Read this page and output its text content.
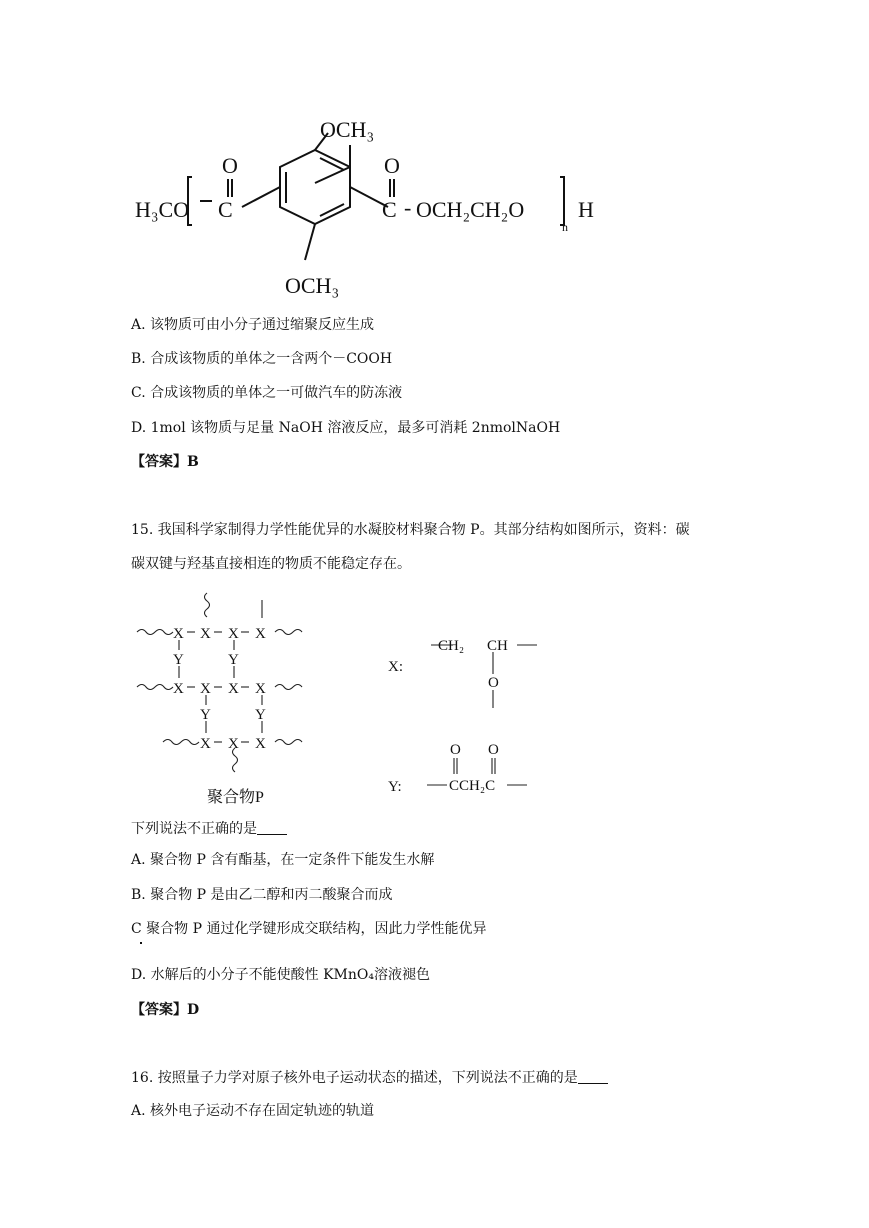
OCH₃
OCH₃
H₃CO
O
C
O
C - OCH₂CH₂O
n
H
A. 该物质可由小分子通过缩聚反应生成
B. 合成该物质的单体之一含两个－COOH
C. 合成该物质的单体之一可做汽车的防冻液
D. 1mol 该物质与足量 NaOH 溶液反应，最多可消耗 2nmolNaOH
【答案】B
15. 我国科学家制得力学性能优异的水凝胶材料聚合物 P。其部分结构如图所示，资料：碳
碳双键与羟基直接相连的物质不能稳定存在。
X X X X
Y	Y
X X X X
Y	Y
X X X
聚合物P
X:
CH₂ CH
O
Y:
O O
CCH₂C
下列说法不正确的是
A. 聚合物 P 含有酯基，在一定条件下能发生水解
B. 聚合物 P 是由乙二醇和丙二酸聚合而成
C 聚合物 P 通过化学键形成交联结构，因此力学性能优异
D. 水解后的小分子不能使酸性 KMnO₄溶液褪色
【答案】D
16. 按照量子力学对原子核外电子运动状态的描述，下列说法不正确的是
A. 核外电子运动不存在固定轨迹的轨道
